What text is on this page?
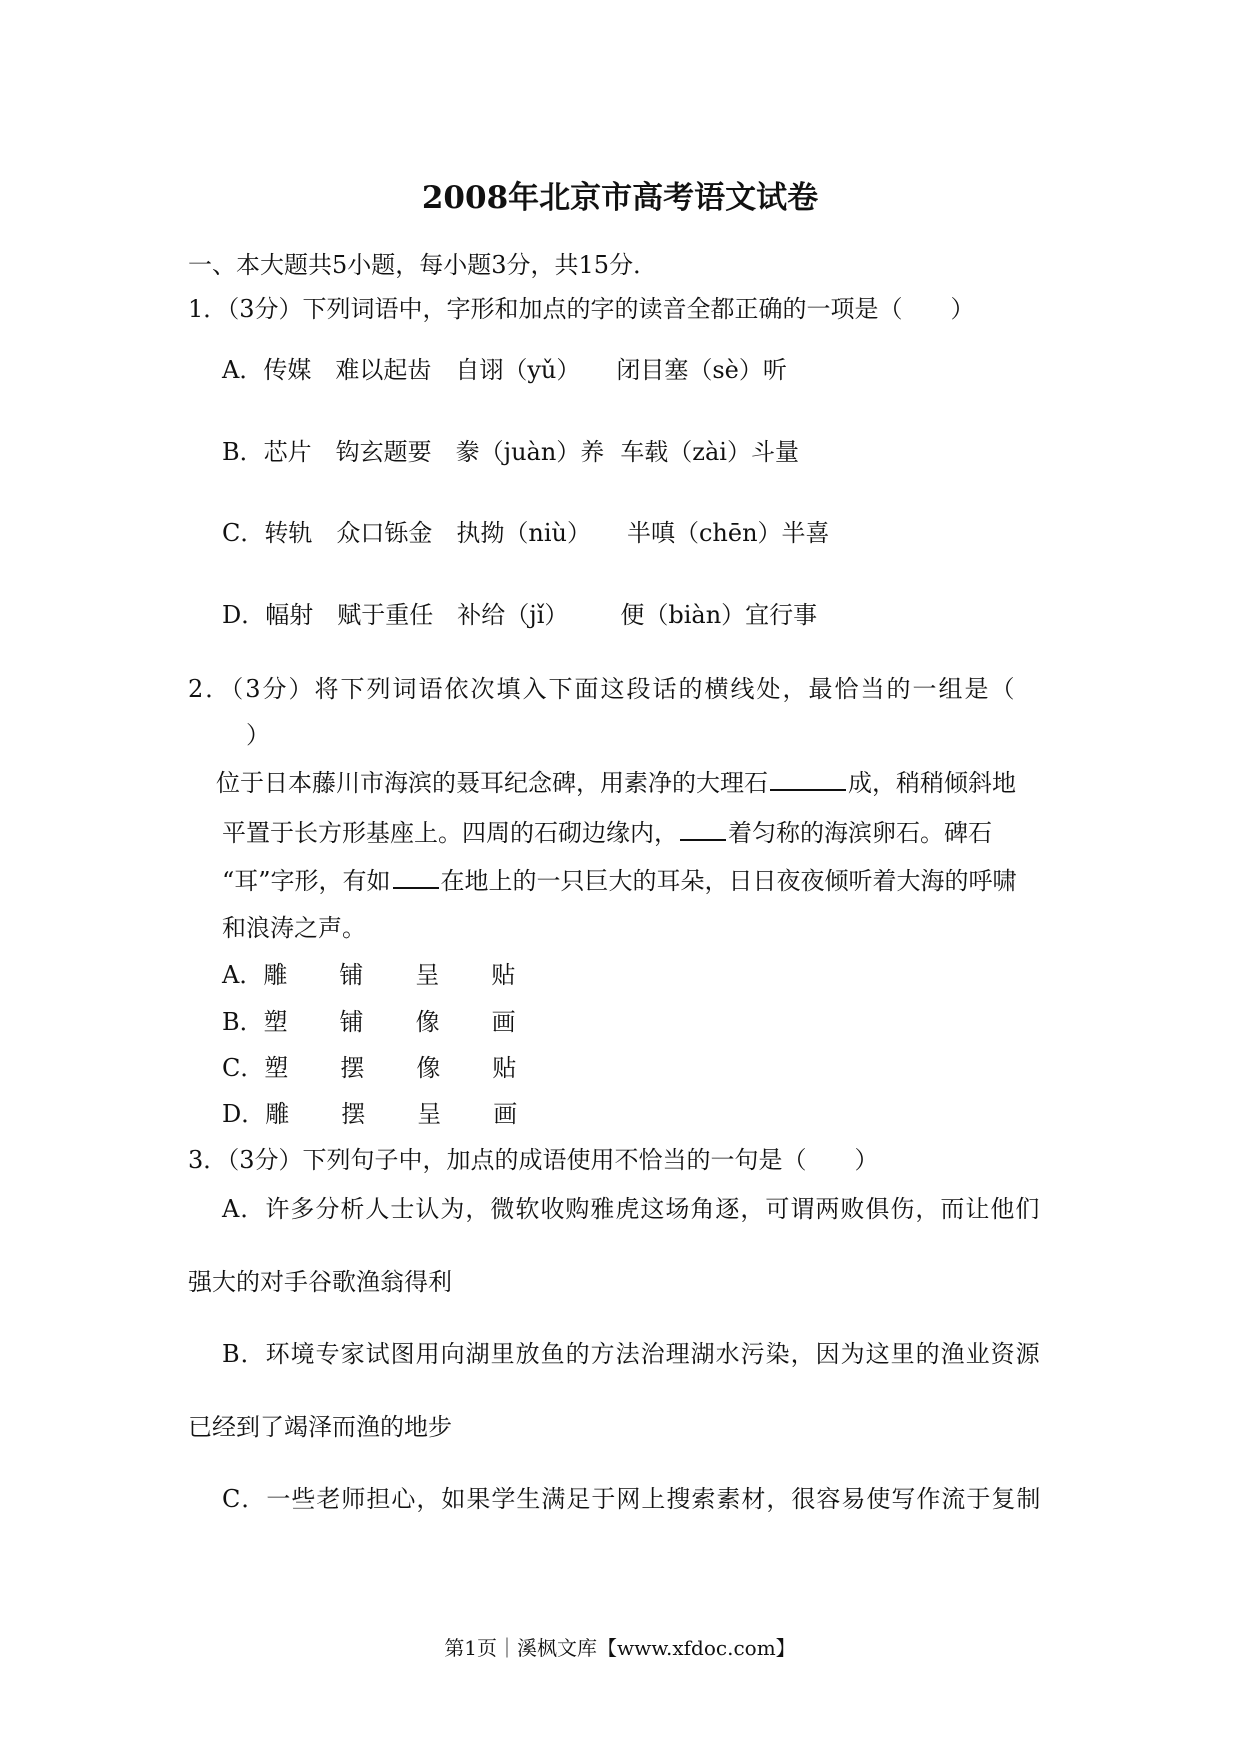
2008年北京市高考语文试卷
一、本大题共5小题，每小题3分，共15分．
1．（3分）下列词语中，字形和加点的字的读音全都正确的一项是（　　）
A．传媒 难以起齿 自诩（yǔ） 闭目塞（sè）听
B．芯片 钩玄题要 豢（juàn）养 车载（zài）斗量
C．转轨 众口铄金 执拗（niù） 半嗔（chēn）半喜
D．幅射 赋于重任 补给（jǐ） 便（biàn）宜行事
2．（3分）将下列词语依次填入下面这段话的横线处，最恰当的一组是（
）
位于日本藤川市海滨的聂耳纪念碑，用素净的大理石	成，稍稍倾斜地
平置于长方形基座上。四周的石砌边缘内， 着匀称的海滨卵石。碑石
“耳”字形，有如 在地上的一只巨大的耳朵，日日夜夜倾听着大海的呼啸
和浪涛之声。
A．雕 铺 呈 贴
B．塑 铺 像 画
C．塑 摆 像 贴
D．雕 摆 呈 画
3．（3分）下列句子中，加点的成语使用不恰当的一句是（　　）
A．许多分析人士认为，微软收购雅虎这场角逐，可谓两败俱伤，而让他们
强大的对手谷歌渔翁得利
B．环境专家试图用向湖里放鱼的方法治理湖水污染，因为这里的渔业资源
已经到了竭泽而渔的地步
C．一些老师担心，如果学生满足于网上搜索素材，很容易使写作流于复制
第1页｜溪枫文库【www.xfdoc.com】
